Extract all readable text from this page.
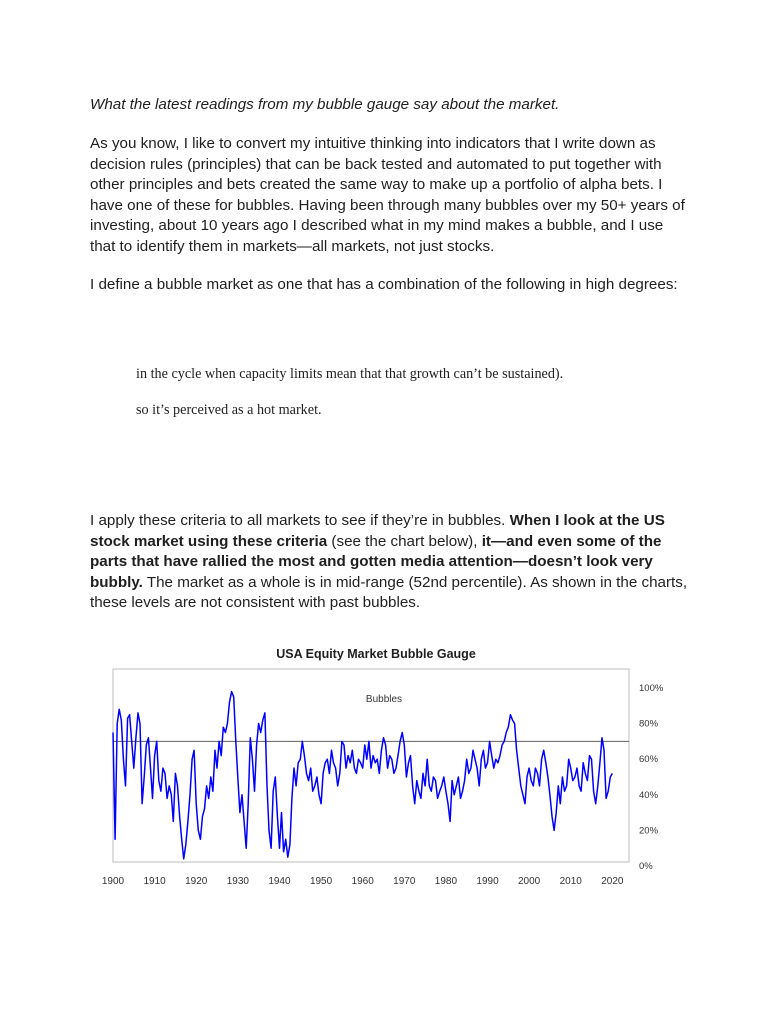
What the latest readings from my bubble gauge say about the market.

As you know, I like to convert my intuitive thinking into indicators that I write down as decision rules (principles) that can be back tested and automated to put together with other principles and bets created the same way to make up a portfolio of alpha bets. I have one of these for bubbles. Having been through many bubbles over my 50+ years of investing, about 10 years ago I described what in my mind makes a bubble, and I use that to identify them in markets—all markets, not just stocks.

I define a bubble market as one that has a combination of the following in high degrees:

in the cycle when capacity limits mean that that growth can’t be sustained).

so it’s perceived as a hot market.

I apply these criteria to all markets to see if they’re in bubbles. When I look at the US stock market using these criteria (see the chart below), it—and even some of the parts that have rallied the most and gotten media attention—doesn’t look very bubbly. The market as a whole is in mid-range (52nd percentile). As shown in the charts, these levels are not consistent with past bubbles.

USA Equity Market Bubble Gauge
Bubbles
0%
20%
40%
60%
80%
100%
1900 1910 1920 1930 1940 1950 1960 1970 1980 1990 2000 2010 2020
